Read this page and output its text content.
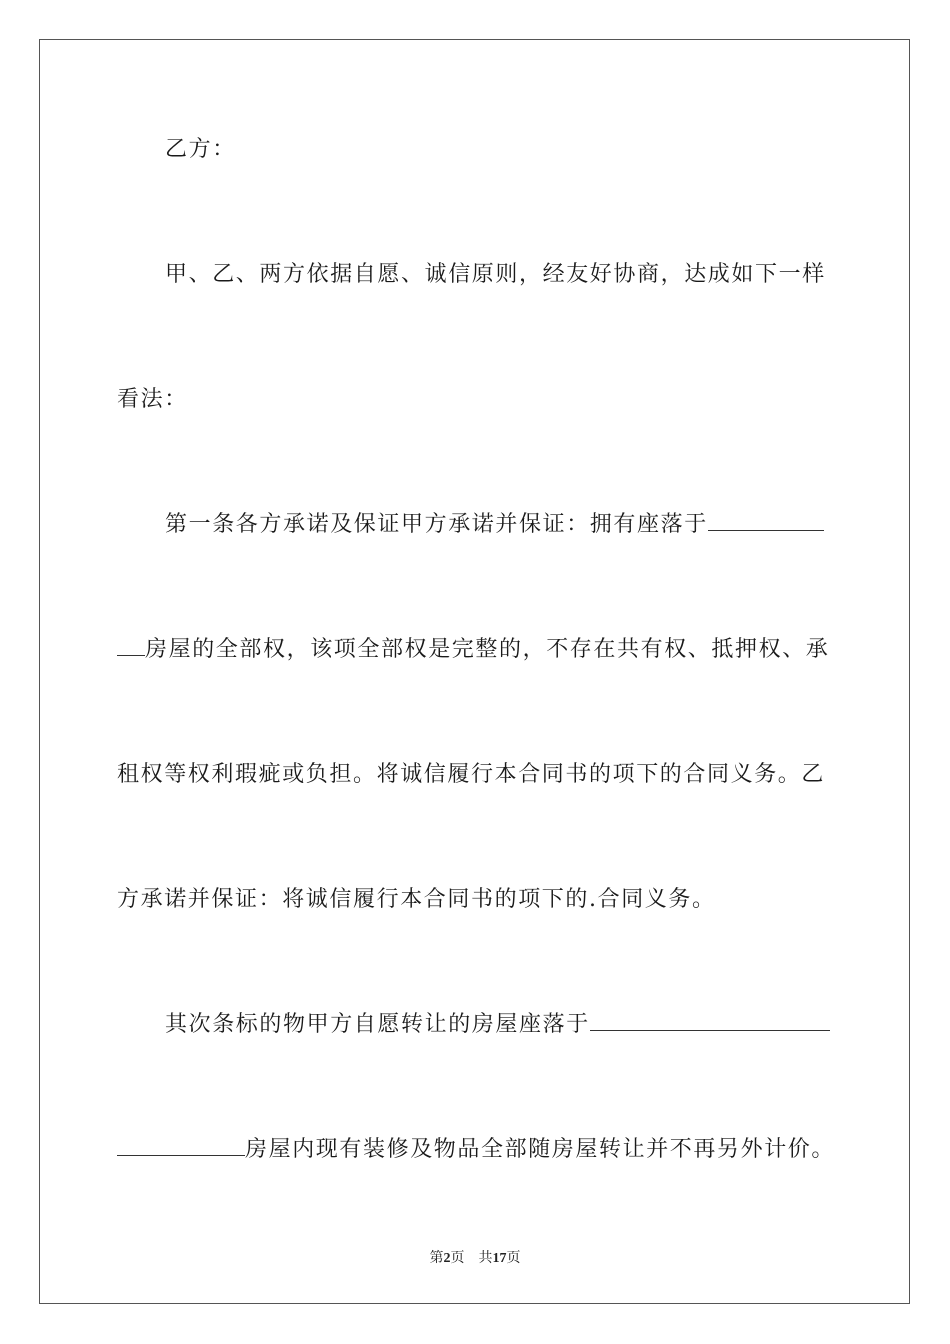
乙方：
甲、乙、两方依据自愿、诚信原则，经友好协商，达成如下一样
看法：
第一条各方承诺及保证甲方承诺并保证：拥有座落于
房屋的全部权，该项全部权是完整的，不存在共有权、抵押权、承
租权等权利瑕疵或负担。将诚信履行本合同书的项下的合同义务。乙
方承诺并保证：将诚信履行本合同书的项下的.合同义务。
其次条标的物甲方自愿转让的房屋座落于
房屋内现有装修及物品全部随房屋转让并不再另外计价。
第2页 共17页
